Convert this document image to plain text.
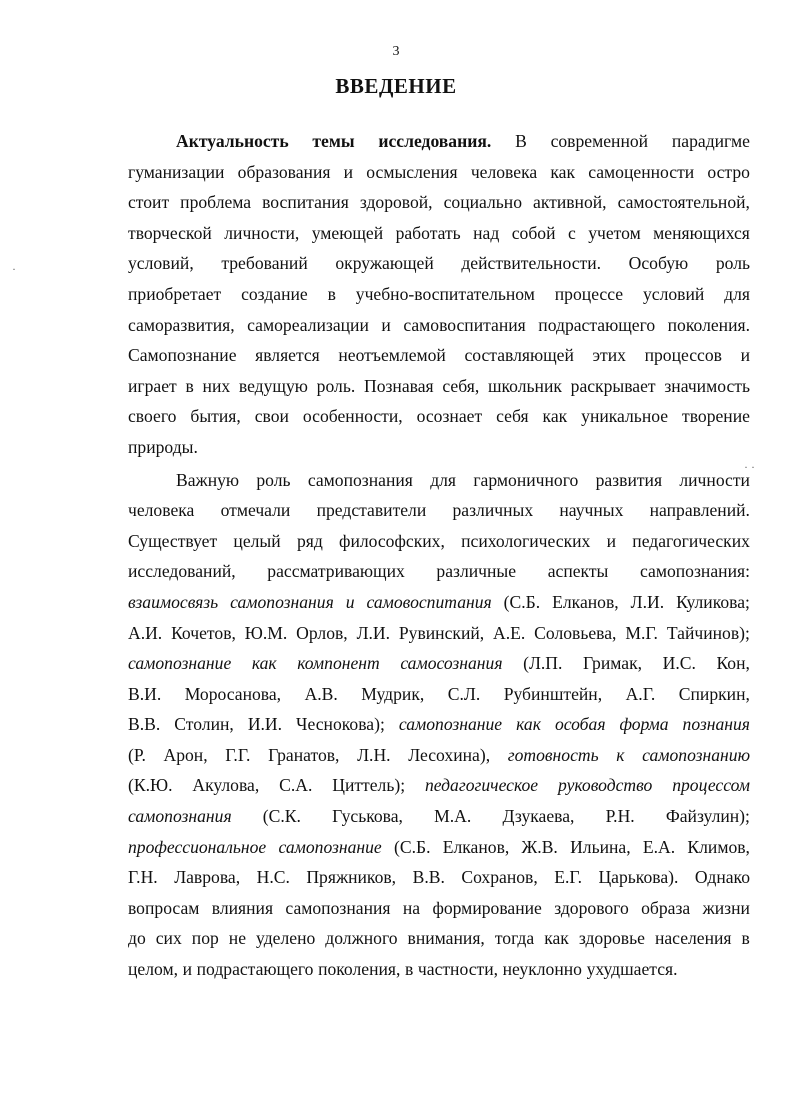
3
ВВЕДЕНИЕ
Актуальность темы исследования. В современной парадигме
гуманизации образования и осмысления человека как самоценности остро
стоит проблема воспитания здоровой, социально активной, самостоятельной,
творческой личности, умеющей работать над собой с учетом меняющихся
условий, требований окружающей действительности. Особую роль
приобретает создание в учебно-воспитательном процессе условий для
саморазвития, самореализации и самовоспитания подрастающего поколения.
Самопознание является неотъемлемой составляющей этих процессов и
играет в них ведущую роль. Познавая себя, школьник раскрывает значимость
своего бытия, свои особенности, осознает себя как уникальное творение
природы.
Важную роль самопознания для гармоничного развития личности
человека отмечали представители различных научных направлений.
Существует целый ряд философских, психологических и педагогических
исследований, рассматривающих различные аспекты самопознания:
взаимосвязь самопознания и самовоспитания (С.Б. Елканов, Л.И. Куликова;
А.И. Кочетов, Ю.М. Орлов, Л.И. Рувинский, А.Е. Соловьева, М.Г. Тайчинов);
самопознание как компонент самосознания (Л.П. Гримак, И.С. Кон,
В.И. Моросанова, А.В. Мудрик, С.Л. Рубинштейн, А.Г. Спиркин,
В.В. Столин, И.И. Чеснокова); самопознание как особая форма познания
(Р. Арон, Г.Г. Гранатов, Л.Н. Лесохина), готовность к самопознанию
(К.Ю. Акулова, С.А. Циттель); педагогическое руководство процессом
самопознания (С.К. Гуськова, М.А. Дзукаева, Р.Н. Файзулин);
профессиональное самопознание (С.Б. Елканов, Ж.В. Ильина, Е.А. Климов,
Г.Н. Лаврова, Н.С. Пряжников, В.В. Сохранов, Е.Г. Царькова). Однако
вопросам влияния самопознания на формирование здорового образа жизни
до сих пор не уделено должного внимания, тогда как здоровье населения в
целом, и подрастающего поколения, в частности, неуклонно ухудшается.
·
· ·
